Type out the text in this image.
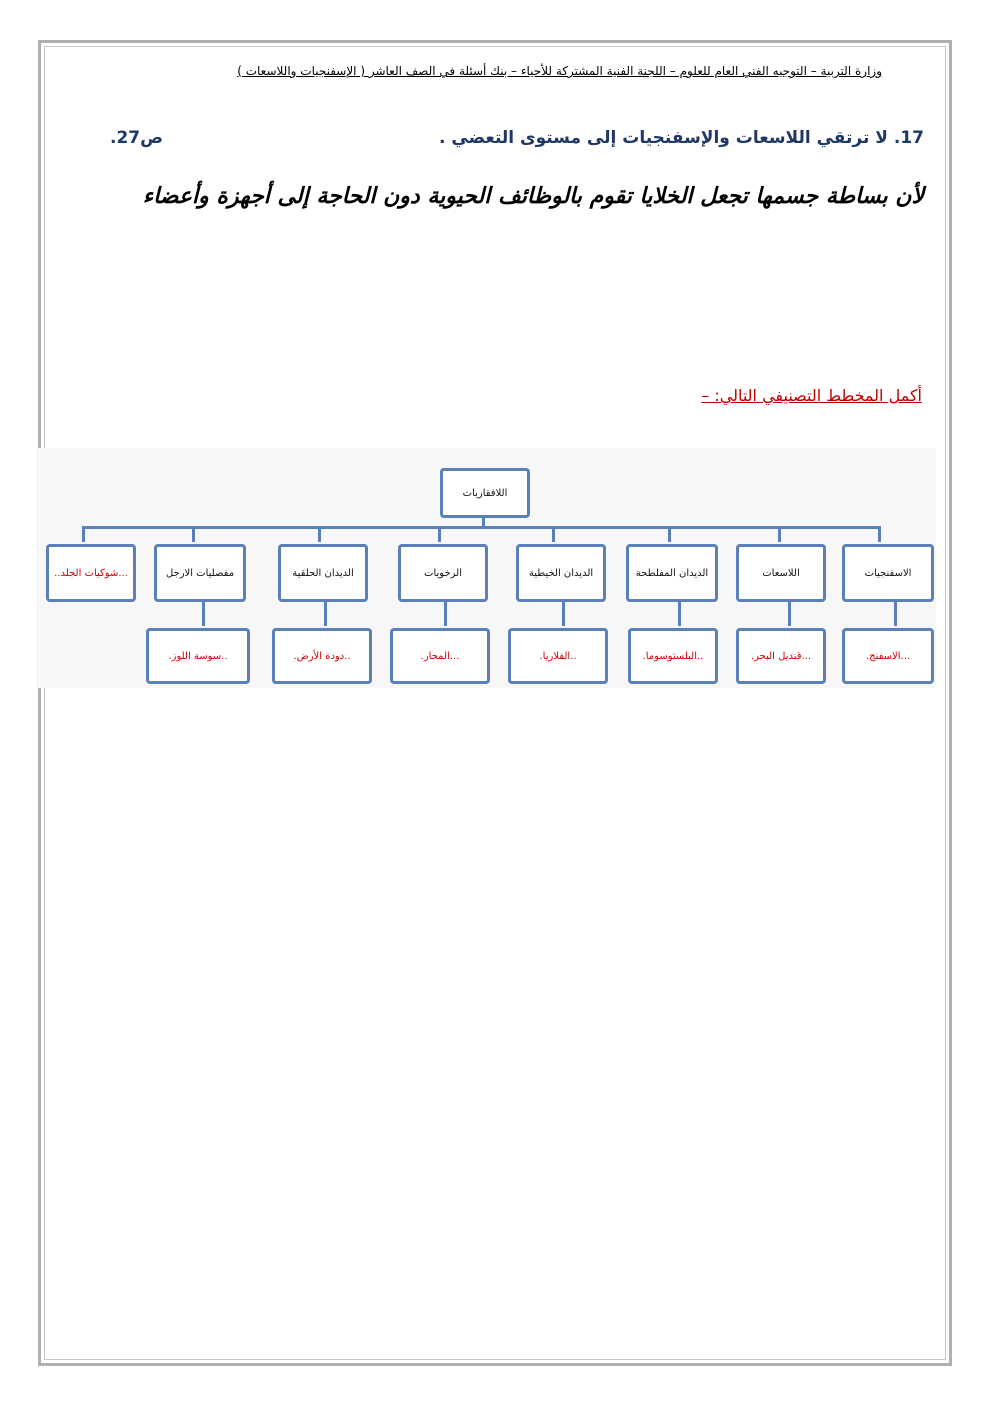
وزارة التربية – التوجيه الفني العام للعلوم – اللجنة الفنية المشتركة للأحياء – بنك أسئلة في الصف العاشر ( الإسفنجيات واللاسعات )
17. لا ترتقي اللاسعات والإسفنجيات إلى مستوى التعضي .
ص27.
لأن بساطة جسمها تجعل الخلايا تقوم بالوظائف الحيوية دون الحاجة إلى أجهزة وأعضاء
أكمل المخطط التصنيفي التالي: –
اللافقاريات
الاسفنجيات
اللاسعات
الديدان المفلطحة
الديدان الخيطية
الرخويات
الديدان الحلقية
مفصليات الارجل
...شوكيات الجلد..
...الاسفنج.
...قنديل البحر.
..البلستوسوما.
..الفلاريا.
...المحار.
..دودة الأرض.
..سوسة اللوز.
